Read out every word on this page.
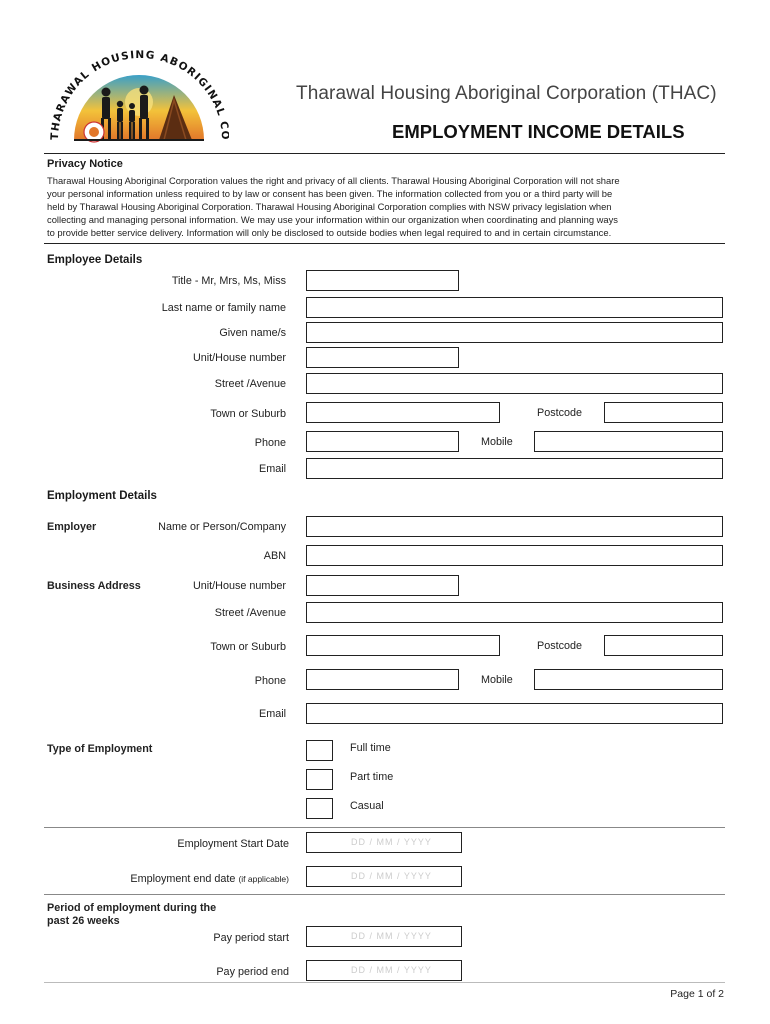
THARAWAL HOUSING ABORIGINAL
Tharawal Housing Aboriginal Corporation (THAC)
EMPLOYMENT INCOME DETAILS
Privacy Notice
Tharawal Housing Aboriginal Corporation values the right and privacy of all clients. Tharawal Housing Aboriginal Corporation will not share
your personal information unless required to by law or consent has been given. The information collected from you or a third party will be
held by Tharawal Housing Aboriginal Corporation. Tharawal Housing Aboriginal Corporation complies with NSW privacy legislation when
collecting and managing personal information. We may use your information within our organization when coordinating and planning ways
to provide better service delivery. Information will only be disclosed to outside bodies when legal required to and in certain circumstance.
Employee Details
Title - Mr, Mrs, Ms, Miss
Last name or family name
Given name/s
Unit/House number
Street /Avenue
Town or Suburb	Postcode
Phone	Mobile
Email
Employment Details
Employer	Name or Person/Company
ABN
Business Address	Unit/House number
Street /Avenue
Town or Suburb	Postcode
Phone	Mobile
Email
Type of Employment	Full time
Part time
Casual
Employment Start Date	DD / MM / YYYY
Employment end date (if applicable)	DD / MM / YYYY
Period of employment during the
past 26 weeks
Pay period start	DD / MM / YYYY
Pay period end	DD / MM / YYYY
Page 1 of 2
